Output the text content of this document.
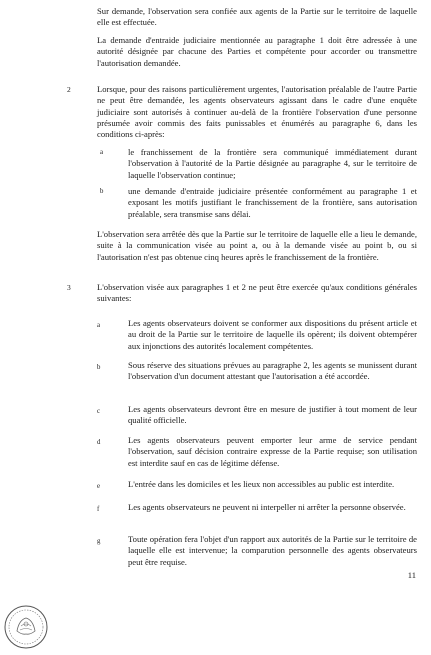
Sur demande, l'observation sera confiée aux agents de la Partie sur le territoire de laquelle elle est effectuée.

La demande d'entraide judiciaire mentionnée au paragraphe 1 doit être adressée à une autorité désignée par chacune des Parties et compétente pour accorder ou transmettre l'autorisation demandée.

2	Lorsque, pour des raisons particulièrement urgentes, l'autorisation préalable de l'autre Partie ne peut être demandée, les agents observateurs agissant dans le cadre d'une enquête judiciaire sont autorisés à continuer au-delà de la frontière l'observation d'une personne présumée avoir commis des faits punissables et énumérés au paragraphe 6, dans les conditions ci-après:

a	le franchissement de la frontière sera communiqué immédiatement durant l'observation à l'autorité de la Partie désignée au paragraphe 4, sur le territoire de laquelle l'observation continue;

b	une demande d'entraide judiciaire présentée conformément au paragraphe 1 et exposant les motifs justifiant le franchissement de la frontière, sans autorisation préalable, sera transmise sans délai.

L'observation sera arrêtée dès que la Partie sur le territoire de laquelle elle a lieu le demande, suite à la communication visée au point a, ou à la demande visée au point b, ou si l'autorisation n'est pas obtenue cinq heures après le franchissement de la frontière.

3	L'observation visée aux paragraphes 1 et 2 ne peut être exercée qu'aux conditions générales suivantes:

a	Les agents observateurs doivent se conformer aux dispositions du présent article et au droit de la Partie sur le territoire de laquelle ils opèrent; ils doivent obtempérer aux injonctions des autorités localement compétentes.

b	Sous réserve des situations prévues au paragraphe 2, les agents se munissent durant l'observation d'un document attestant que l'autorisation a été accordée.

c	Les agents observateurs devront être en mesure de justifier à tout moment de leur qualité officielle.

d	Les agents observateurs peuvent emporter leur arme de service pendant l'observation, sauf décision contraire expresse de la Partie requise; son utilisation est interdite sauf en cas de légitime défense.

e	L'entrée dans les domiciles et les lieux non accessibles au public est interdite.

f	Les agents observateurs ne peuvent ni interpeller ni arrêter la personne observée.

g	Toute opération fera l'objet d'un rapport aux autorités de la Partie sur le territoire de laquelle elle est intervenue; la comparution personnelle des agents observateurs peut être requise.

11
